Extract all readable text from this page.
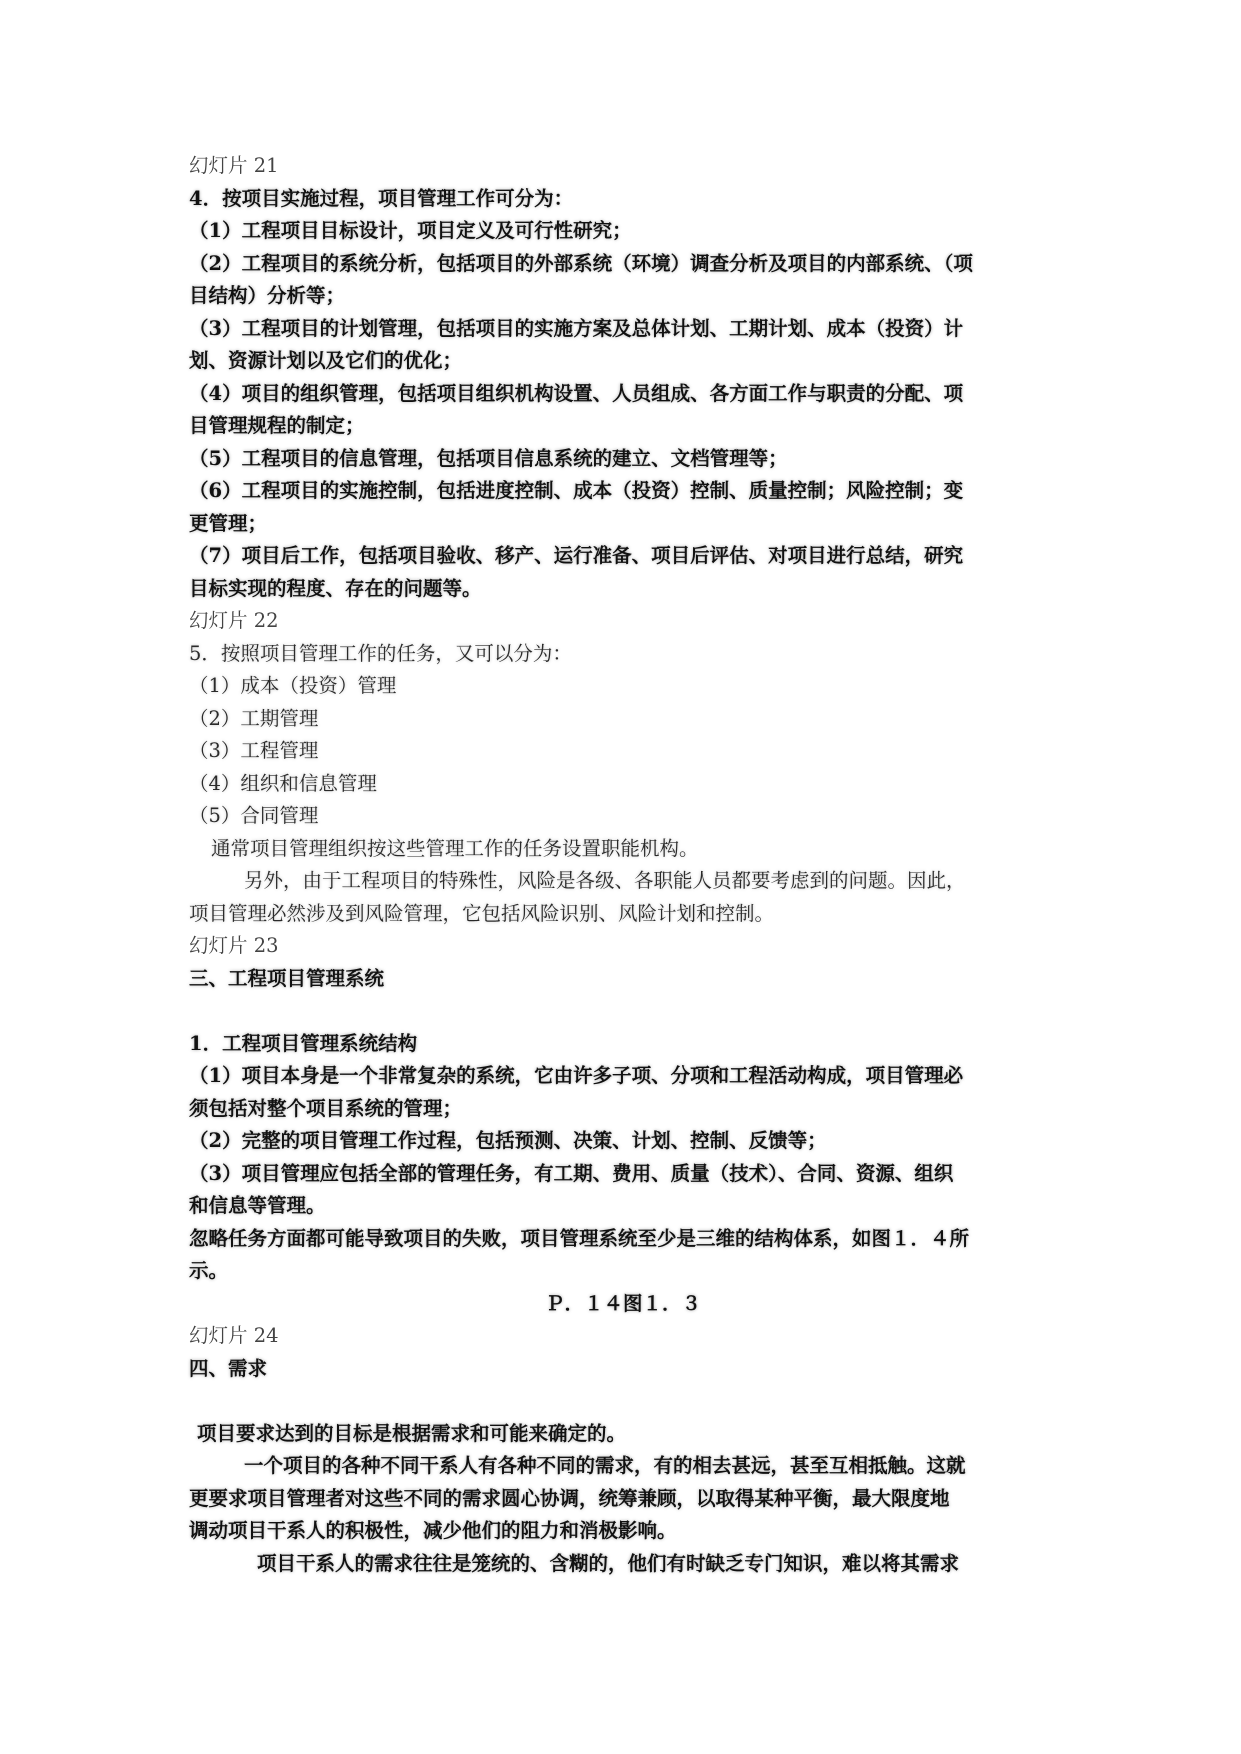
幻灯片 21
4．按项目实施过程，项目管理工作可分为：
（1）工程项目目标设计，项目定义及可行性研究；
（2）工程项目的系统分析，包括项目的外部系统（环境）调查分析及项目的内部系统、（项
目结构）分析等；
（3）工程项目的计划管理，包括项目的实施方案及总体计划、工期计划、成本（投资）计
划、资源计划以及它们的优化；
（4）项目的组织管理，包括项目组织机构设置、人员组成、各方面工作与职责的分配、项
目管理规程的制定；
（5）工程项目的信息管理，包括项目信息系统的建立、文档管理等；
（6）工程项目的实施控制，包括进度控制、成本（投资）控制、质量控制；风险控制；变
更管理；
（7）项目后工作，包括项目验收、移产、运行准备、项目后评估、对项目进行总结，研究
目标实现的程度、存在的问题等。
幻灯片 22
5．按照项目管理工作的任务，又可以分为：
（1）成本（投资）管理
（2）工期管理
（3）工程管理
（4）组织和信息管理
（5）合同管理
通常项目管理组织按这些管理工作的任务设置职能机构。
另外，由于工程项目的特殊性，风险是各级、各职能人员都要考虑到的问题。因此，
项目管理必然涉及到风险管理，它包括风险识别、风险计划和控制。
幻灯片 23
三、工程项目管理系统
1．工程项目管理系统结构
（1）项目本身是一个非常复杂的系统，它由许多子项、分项和工程活动构成，项目管理必
须包括对整个项目系统的管理；
（2）完整的项目管理工作过程，包括预测、决策、计划、控制、反馈等；
（3）项目管理应包括全部的管理任务，有工期、费用、质量（技术）、合同、资源、组织
和信息等管理。
忽略任务方面都可能导致项目的失败，项目管理系统至少是三维的结构体系，如图１．４所
示。
Ｐ．１４图１．３
幻灯片 24
四、需求
项目要求达到的目标是根据需求和可能来确定的。
一个项目的各种不同干系人有各种不同的需求，有的相去甚远，甚至互相抵触。这就
更要求项目管理者对这些不同的需求圆心协调，统筹兼顾，以取得某种平衡，最大限度地
调动项目干系人的积极性，减少他们的阻力和消极影响。
项目干系人的需求往往是笼统的、含糊的，他们有时缺乏专门知识，难以将其需求
